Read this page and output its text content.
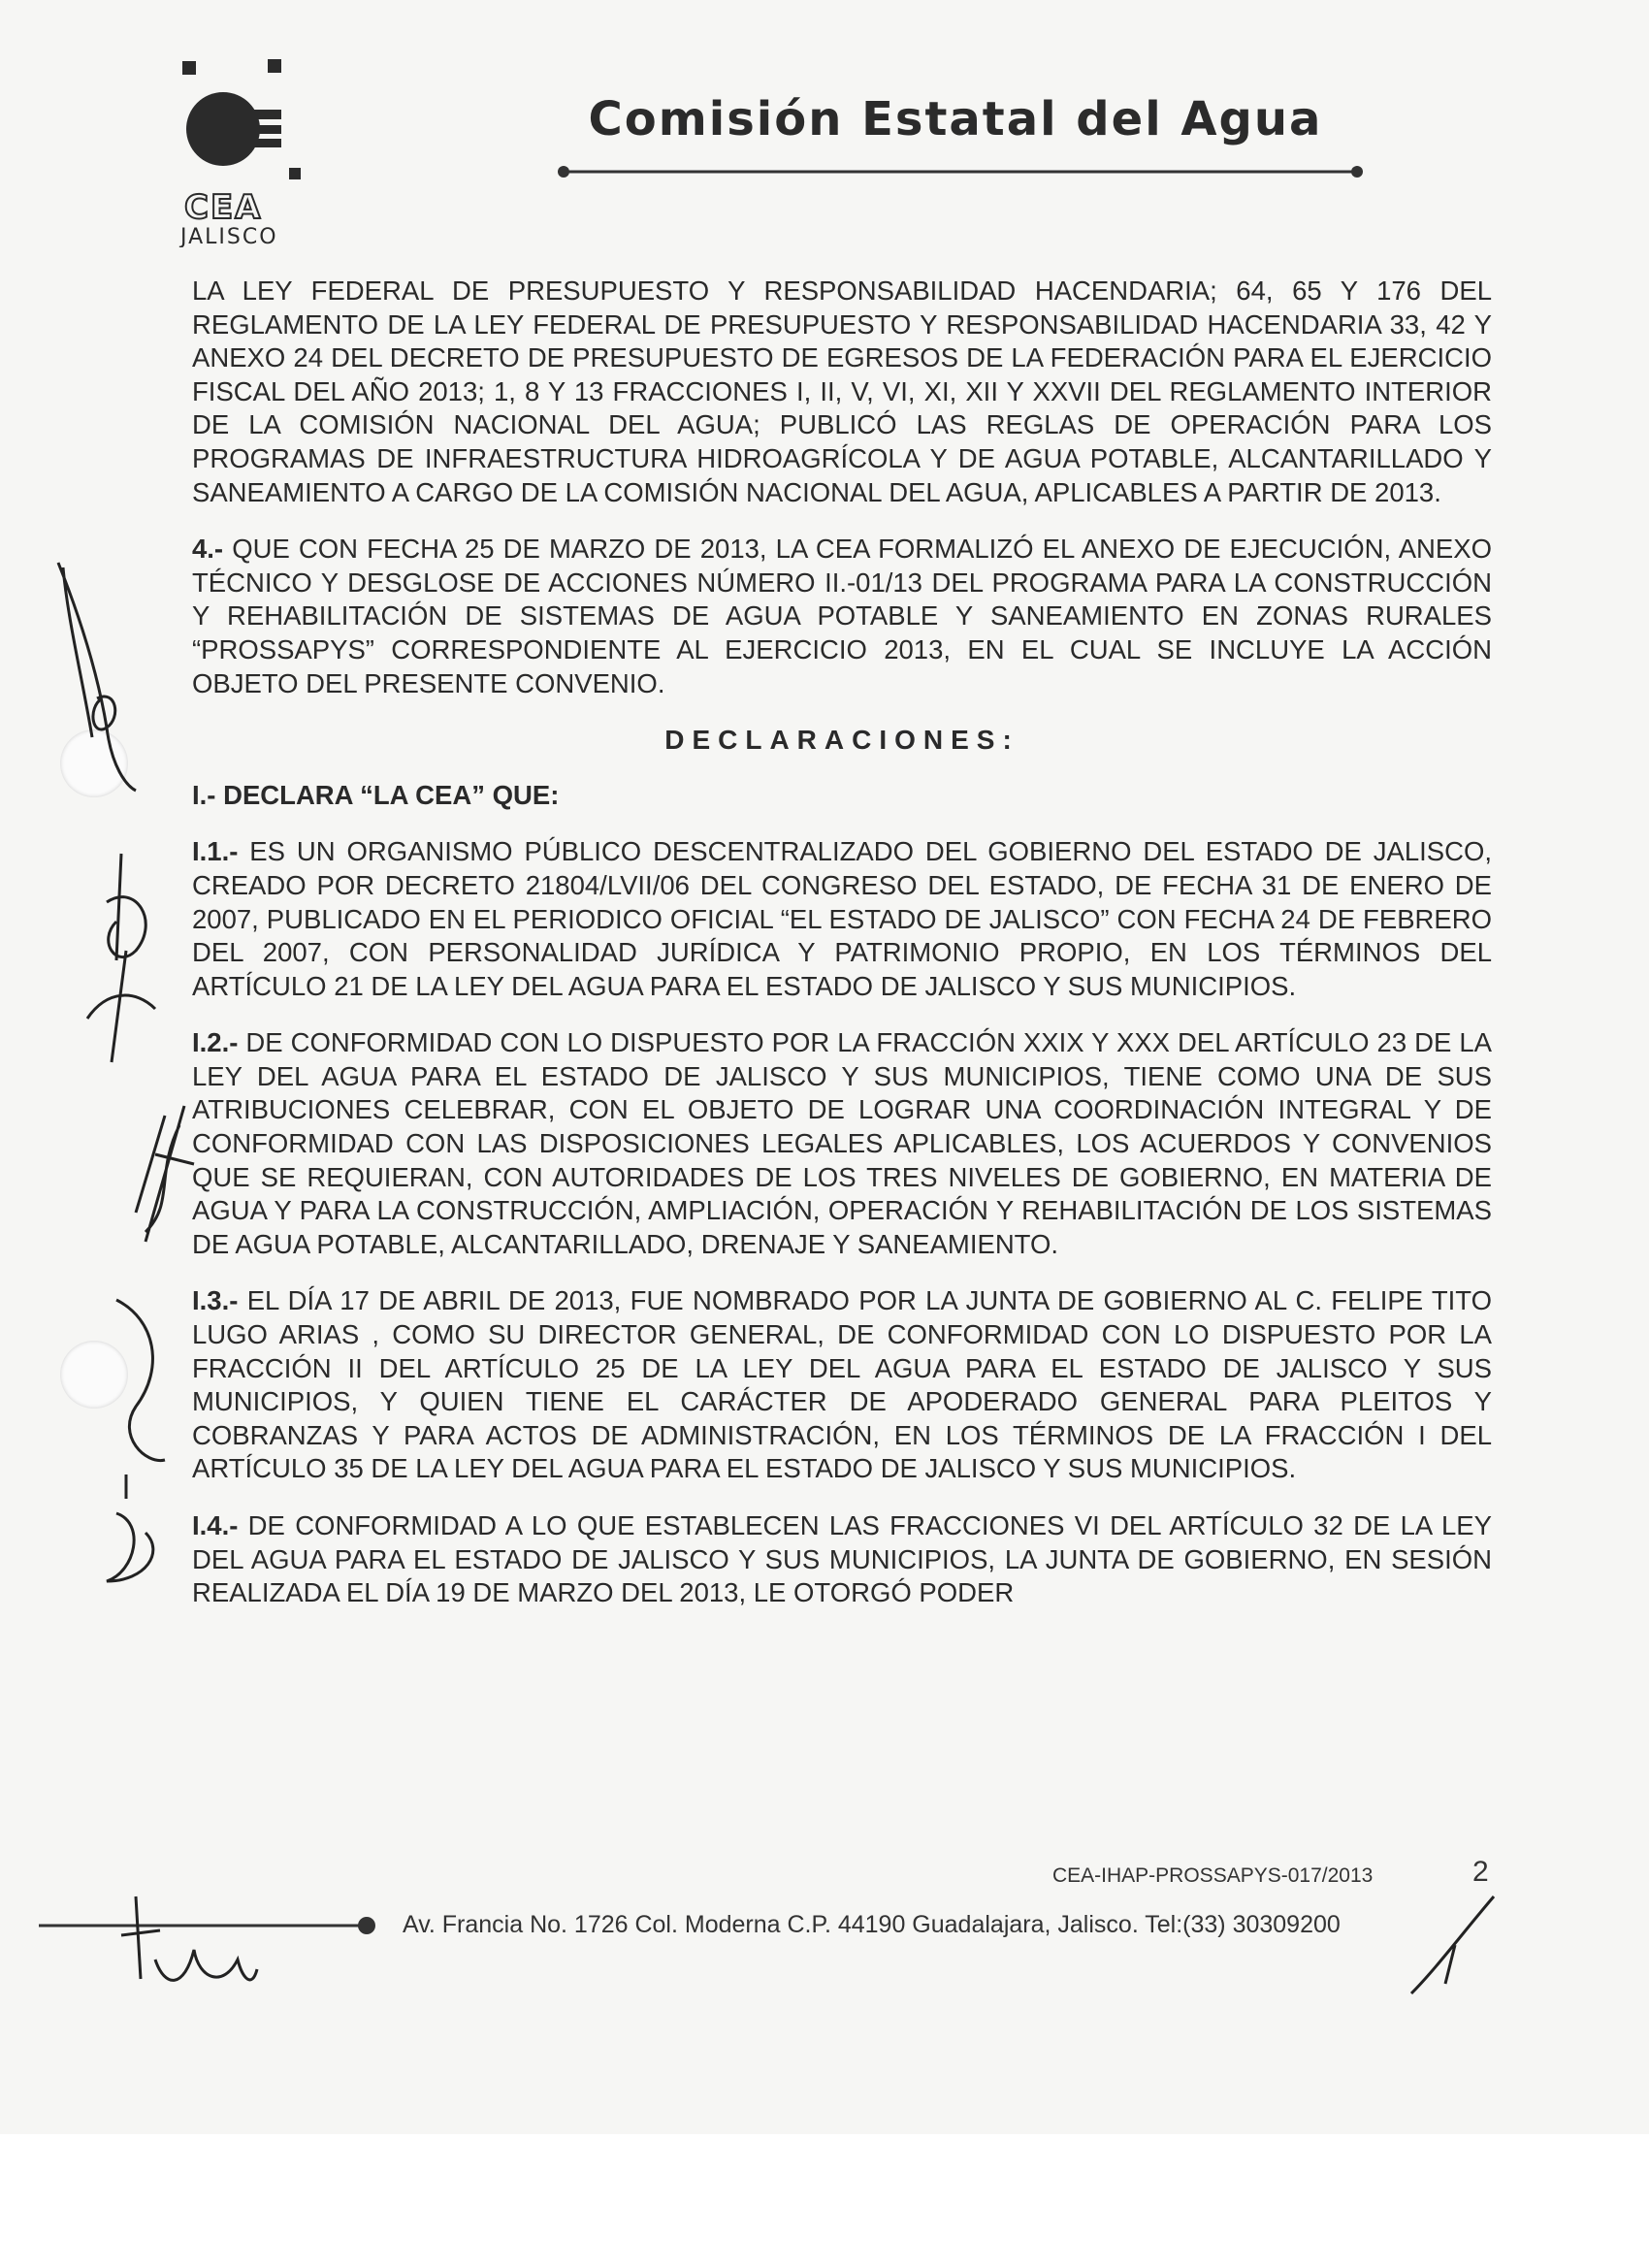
CEA
JALISCO
Comisión Estatal del Agua

LA LEY FEDERAL DE PRESUPUESTO Y RESPONSABILIDAD HACENDARIA; 64, 65 Y 176 DEL REGLAMENTO DE LA LEY FEDERAL DE PRESUPUESTO Y RESPONSABILIDAD HACENDARIA 33, 42 Y ANEXO 24 DEL DECRETO DE PRESUPUESTO DE EGRESOS DE LA FEDERACIÓN PARA EL EJERCICIO FISCAL DEL AÑO 2013; 1, 8 Y 13 FRACCIONES I, II, V, VI, XI, XII Y XXVII DEL REGLAMENTO INTERIOR DE LA COMISIÓN NACIONAL DEL AGUA; PUBLICÓ LAS REGLAS DE OPERACIÓN PARA LOS PROGRAMAS DE INFRAESTRUCTURA HIDROAGRÍCOLA Y DE AGUA POTABLE, ALCANTARILLADO Y SANEAMIENTO A CARGO DE LA COMISIÓN NACIONAL DEL AGUA, APLICABLES A PARTIR DE 2013.

4.- QUE CON FECHA 25 DE MARZO DE 2013, LA CEA FORMALIZÓ EL ANEXO DE EJECUCIÓN, ANEXO TÉCNICO Y DESGLOSE DE ACCIONES NÚMERO II.-01/13 DEL PROGRAMA PARA LA CONSTRUCCIÓN Y REHABILITACIÓN DE SISTEMAS DE AGUA POTABLE Y SANEAMIENTO EN ZONAS RURALES “PROSSAPYS” CORRESPONDIENTE AL EJERCICIO 2013, EN EL CUAL SE INCLUYE LA ACCIÓN OBJETO DEL PRESENTE CONVENIO.

DECLARACIONES:

I.- DECLARA “LA CEA” QUE:

I.1.- ES UN ORGANISMO PÚBLICO DESCENTRALIZADO DEL GOBIERNO DEL ESTADO DE JALISCO, CREADO POR DECRETO 21804/LVII/06 DEL CONGRESO DEL ESTADO, DE FECHA 31 DE ENERO DE 2007, PUBLICADO EN EL PERIODICO OFICIAL “EL ESTADO DE JALISCO” CON FECHA 24 DE FEBRERO DEL 2007, CON PERSONALIDAD JURÍDICA Y PATRIMONIO PROPIO, EN LOS TÉRMINOS DEL ARTÍCULO 21 DE LA LEY DEL AGUA PARA EL ESTADO DE JALISCO Y SUS MUNICIPIOS.

I.2.- DE CONFORMIDAD CON LO DISPUESTO POR LA FRACCIÓN XXIX Y XXX DEL ARTÍCULO 23 DE LA LEY DEL AGUA PARA EL ESTADO DE JALISCO Y SUS MUNICIPIOS, TIENE COMO UNA DE SUS ATRIBUCIONES CELEBRAR, CON EL OBJETO DE LOGRAR UNA COORDINACIÓN INTEGRAL Y DE CONFORMIDAD CON LAS DISPOSICIONES LEGALES APLICABLES, LOS ACUERDOS Y CONVENIOS QUE SE REQUIERAN, CON AUTORIDADES DE LOS TRES NIVELES DE GOBIERNO, EN MATERIA DE AGUA Y PARA LA CONSTRUCCIÓN, AMPLIACIÓN, OPERACIÓN Y REHABILITACIÓN DE LOS SISTEMAS DE AGUA POTABLE, ALCANTARILLADO, DRENAJE Y SANEAMIENTO.

I.3.- EL DÍA 17 DE ABRIL DE 2013, FUE NOMBRADO POR LA JUNTA DE GOBIERNO AL C. FELIPE TITO LUGO ARIAS , COMO SU DIRECTOR GENERAL, DE CONFORMIDAD CON LO DISPUESTO POR LA FRACCIÓN II DEL ARTÍCULO 25 DE LA LEY DEL AGUA PARA EL ESTADO DE JALISCO Y SUS MUNICIPIOS, Y QUIEN TIENE EL CARÁCTER DE APODERADO GENERAL PARA PLEITOS Y COBRANZAS Y PARA ACTOS DE ADMINISTRACIÓN, EN LOS TÉRMINOS DE LA FRACCIÓN I DEL ARTÍCULO 35 DE LA LEY DEL AGUA PARA EL ESTADO DE JALISCO Y SUS MUNICIPIOS.

I.4.- DE CONFORMIDAD A LO QUE ESTABLECEN LAS FRACCIONES VI DEL ARTÍCULO 32 DE LA LEY DEL AGUA PARA EL ESTADO DE JALISCO Y SUS MUNICIPIOS, LA JUNTA DE GOBIERNO, EN SESIÓN REALIZADA EL DÍA 19 DE MARZO DEL 2013, LE OTORGÓ PODER

CEA-IHAP-PROSSAPYS-017/2013	2
Av. Francia No. 1726 Col. Moderna C.P. 44190 Guadalajara, Jalisco. Tel:(33) 30309200
